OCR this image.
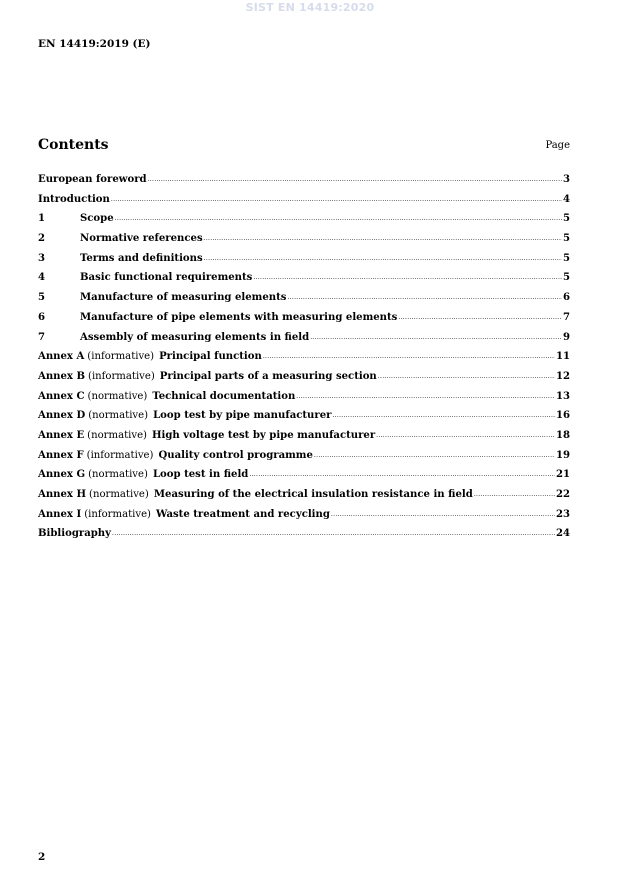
SIST EN 14419:2020
EN 14419:2019 (E)
Contents	Page
European foreword .....	3
Introduction .....	4
1	Scope .....	5
2	Normative references .....	5
3	Terms and definitions .....	5
4	Basic functional requirements .....	5
5	Manufacture of measuring elements .....	6
6	Manufacture of pipe elements with measuring elements .....	7
7	Assembly of measuring elements in field .....	9
Annex A (informative) Principal function .....	11
Annex B (informative) Principal parts of a measuring section .....	12
Annex C (normative) Technical documentation .....	13
Annex D (normative) Loop test by pipe manufacturer .....	16
Annex E (normative) High voltage test by pipe manufacturer .....	18
Annex F (informative) Quality control programme .....	19
Annex G (normative) Loop test in field .....	21
Annex H (normative) Measuring of the electrical insulation resistance in field .....	22
Annex I (informative) Waste treatment and recycling .....	23
Bibliography .....	24
2
